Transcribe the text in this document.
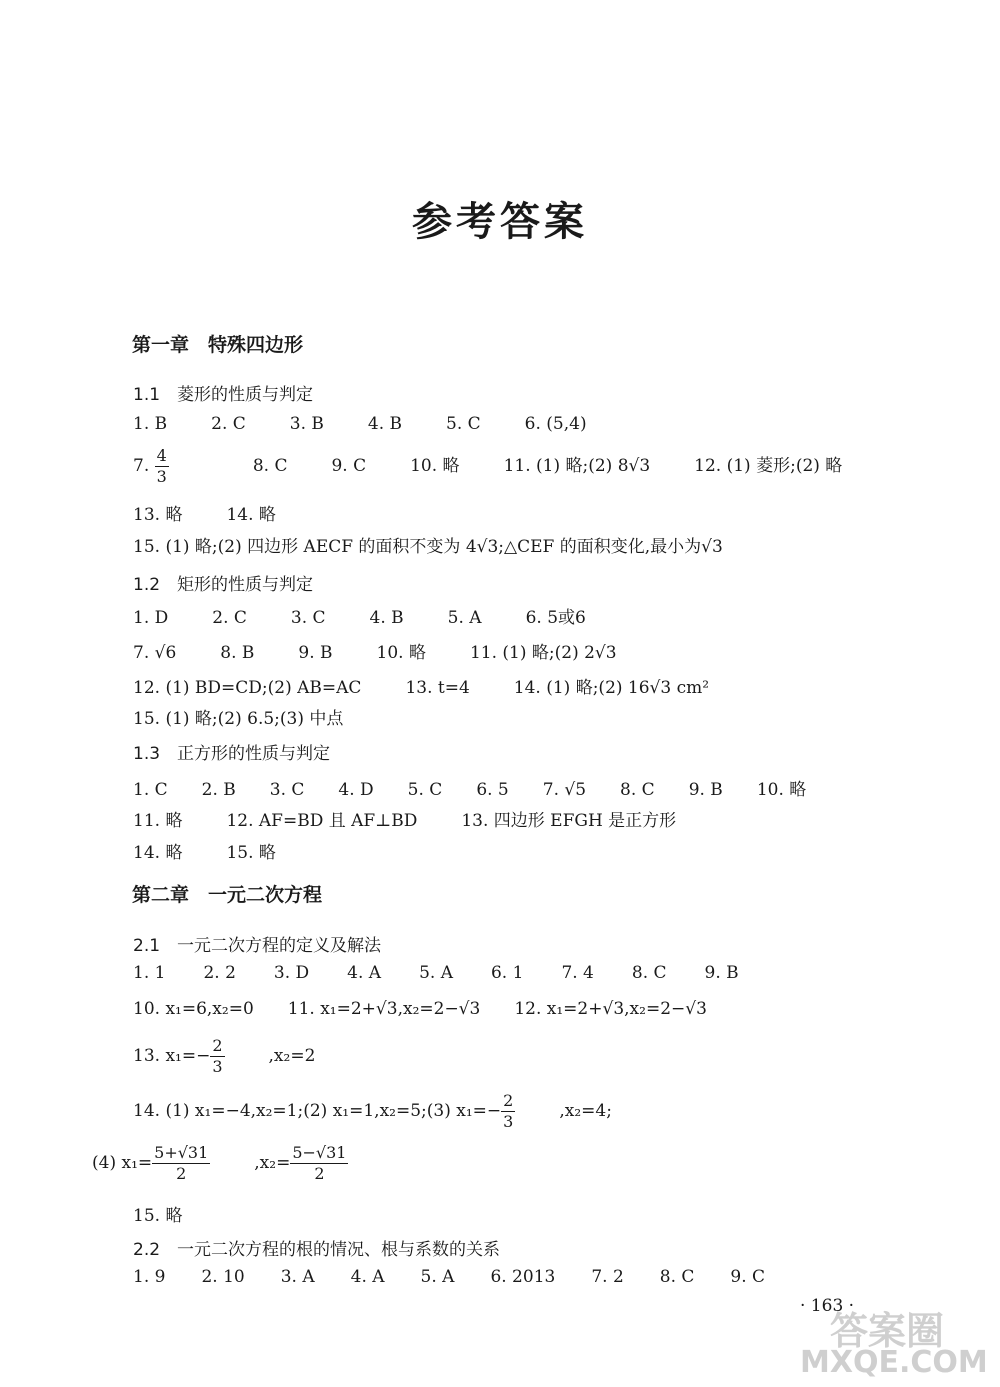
参考答案
第一章　特殊四边形
1.1　菱形的性质与判定
1. B	2. C	3. B	4. B	5. C	6. (5,4)
7. $\frac{4}{3} 8$. C	9. C	10. 略	11. (1) 略;(2) 8√3	12. (1) 菱形;(2) 略
13. 略	14. 略
15. (1) 略;(2) 四边形 AECF 的面积不变为 4√3;△CEF 的面积变化,最小为√3
1.2　矩形的性质与判定
1. D	2. C	3. C	4. B	5. A	6. 5或6
7. √6	8. B	9. B	10. 略	11. (1) 略;(2) 2√3
12. (1) BD=CD;(2) AB=AC	13. t=4	14. (1) 略;(2) 16√3 cm²
15. (1) 略;(2) 6.5;(3) 中点
1.3　正方形的性质与判定
1. C 2. B 3. C 4. D 5. C 6. 5 7. √5 8. C 9. B 10. 略
11. 略	12. AF=BD 且 AF⊥BD	13. 四边形 EFGH 是正方形
14. 略	15. 略
第二章　一元二次方程
2.1　一元二次方程的定义及解法
1. 1 2. 2 3. D 4. A 5. A 6. 1 7. 4 8. C 9. B
10. x₁=6,x₂=0 11. x₁=2+√3,x₂=2−√3 12. x₁=2+√3,x₂=2−√3
13. $x_1=- \frac{2}{3} ,x_2=2$
14. (1) x₁=−4,x₂=1;(2) x₁=1,x₂=5;(3) $x_1=- \frac{2}{3} ,x_2=4$;
(4) $x_1= \frac{5+√31}{2} ,x_2= \frac{5-√31}{2}$
15. 略
2.2　一元二次方程的根的情况、根与系数的关系
1. 9 2. 10 3. A 4. A 5. A 6. 2013 7. 2 8. C 9. C
· 163 ·
答案圈
MXQE.COM
